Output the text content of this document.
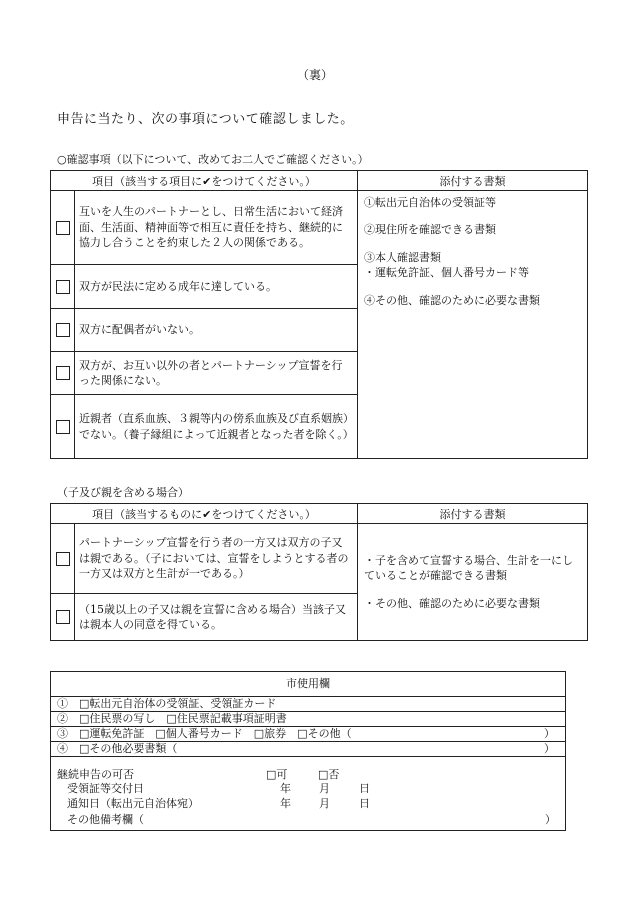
（裏）
申告に当たり、次の事項について確認しました。
○確認事項（以下について、改めてお二人でご確認ください。）
項目（該当する項目に✔をつけてください。）		添付する書類

	互いを人生のパートナーとし、日常生活において経済面、生活面、精神面等で相互に責任を持ち、継続的に協力し合うことを約束した２人の関係である。	①転出元自治体の受領証等

②現住所を確認できる書類

③本人確認書類

・運転免許証、個人番号カード等

④その他、確認のために必要な書類

	双方が民法に定める成年に達している。	

	双方に配偶者がいない。	

	双方が、お互い以外の者とパートナーシップ宣誓を行った関係にない。	

	近親者（直系血族、３親等内の傍系血族及び直系姻族）でない。（養子縁組によって近親者となった者を除く。）	
（子及び親を含める場合）
項目（該当するものに✔をつけてください。）		添付する書類

	パートナーシップ宣誓を行う者の一方又は双方の子又は親である。（子においては、宣誓をしようとする者の一方又は双方と生計が一である。）	・子を含めて宣誓する場合、生計を一にしていることが確認できる書類

・その他、確認のために必要な書類

	（15歳以上の子又は親を宣誓に含める場合）当該子又は親本人の同意を得ている。	
市使用欄
①　□転出元自治体の受領証、受領証カード
②　□住民票の写し　□住民票記載事項証明書
③　□運転免許証　□個人番号カード　□旅券　□その他（	）
④　□その他必要書類（	）
継続申告の可否	□可	□否
受領証等交付日	年	月	日
通知日（転出元自治体宛）	年	月	日
その他備考欄（	）
